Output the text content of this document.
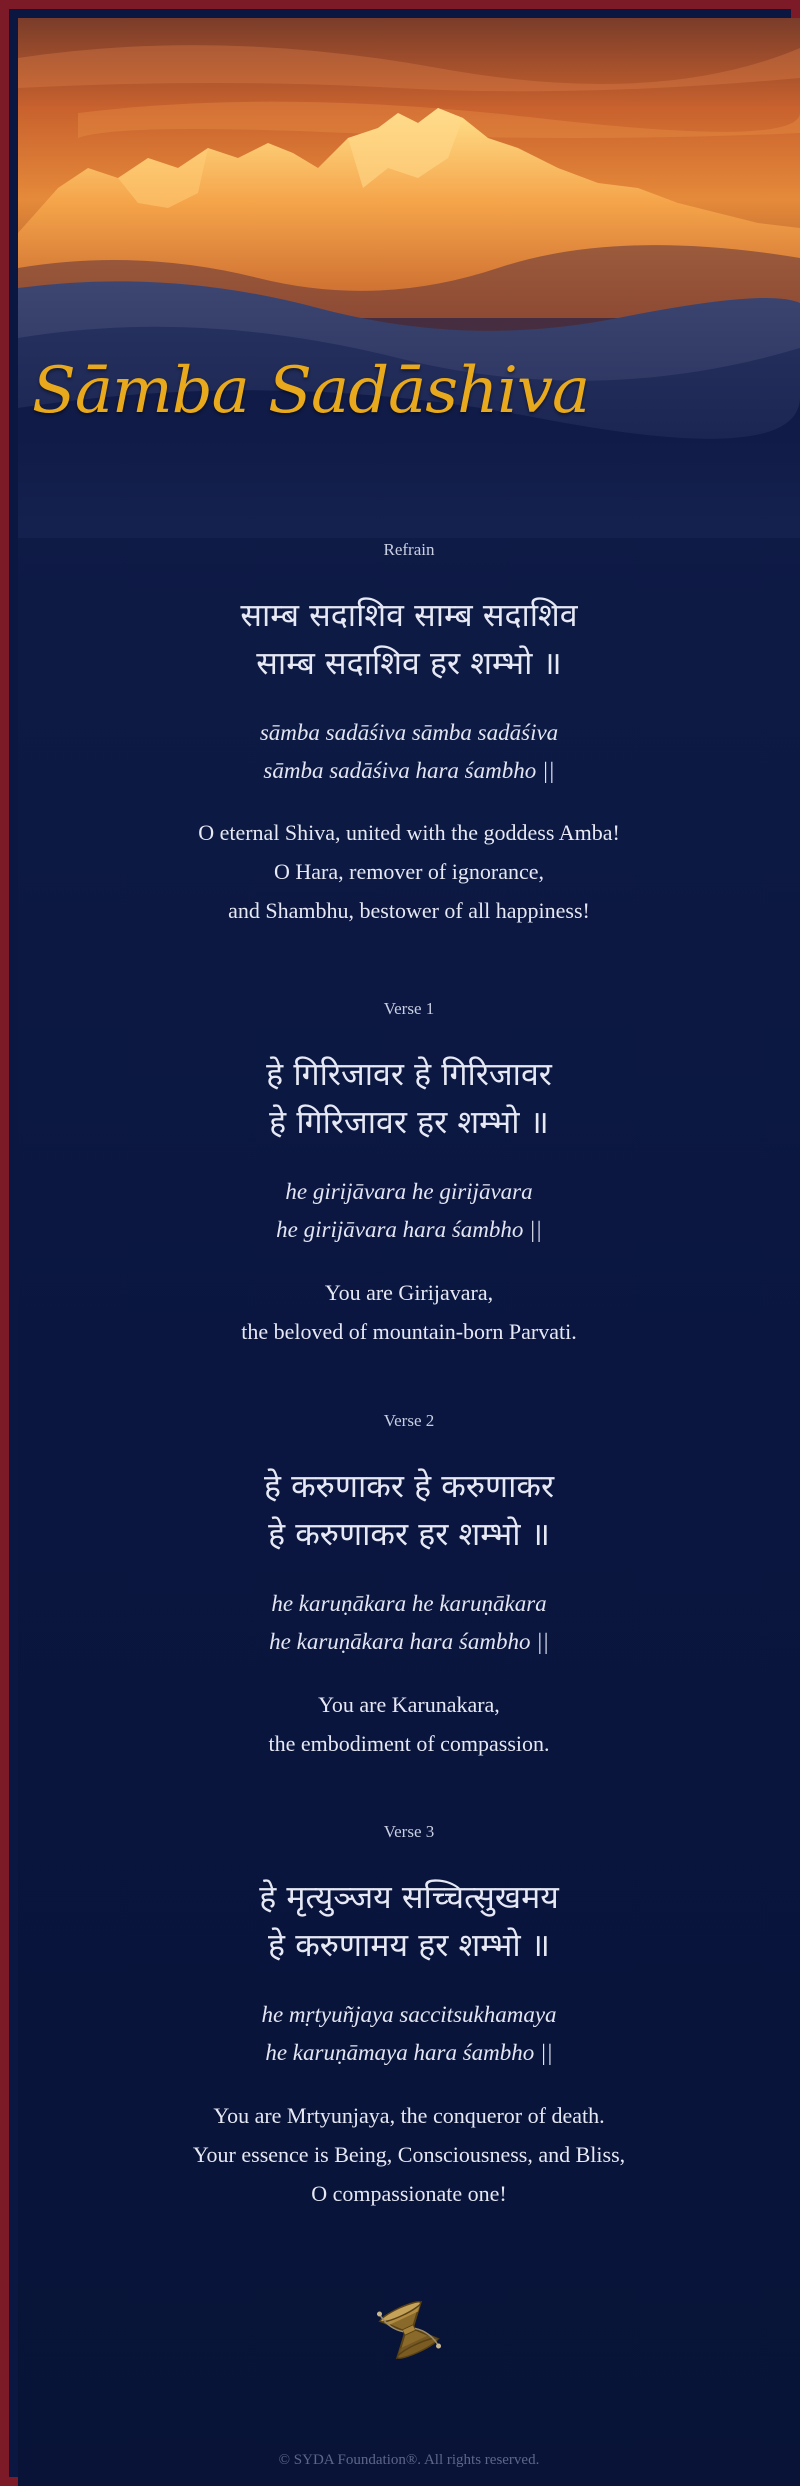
Sāmba Sadāshiva
Refrain
साम्ब सदाशिव साम्ब सदाशिव
साम्ब सदाशिव हर शम्भो ॥
sāmba sadāśiva sāmba sadāśiva
sāmba sadāśiva hara śambho ||
O eternal Shiva, united with the goddess Amba!
O Hara, remover of ignorance,
and Shambhu, bestower of all happiness!
Verse 1
हे गिरिजावर हे गिरिजावर
हे गिरिजावर हर शम्भो ॥
he girijāvara he girijāvara
he girijāvara hara śambho ||
You are Girijavara,
the beloved of mountain-born Parvati.
Verse 2
हे करुणाकर हे करुणाकर
हे करुणाकर हर शम्भो ॥
he karuṇākara he karuṇākara
he karuṇākara hara śambho ||
You are Karunakara,
the embodiment of compassion.
Verse 3
हे मृत्युञ्जय सच्चित्सुखमय
हे करुणामय हर शम्भो ॥
he mṛtyuñjaya saccitsukhamaya
he karuṇāmaya hara śambho ||
You are Mrtyunjaya, the conqueror of death.
Your essence is Being, Consciousness, and Bliss,
O compassionate one!
© SYDA Foundation®. All rights reserved.
